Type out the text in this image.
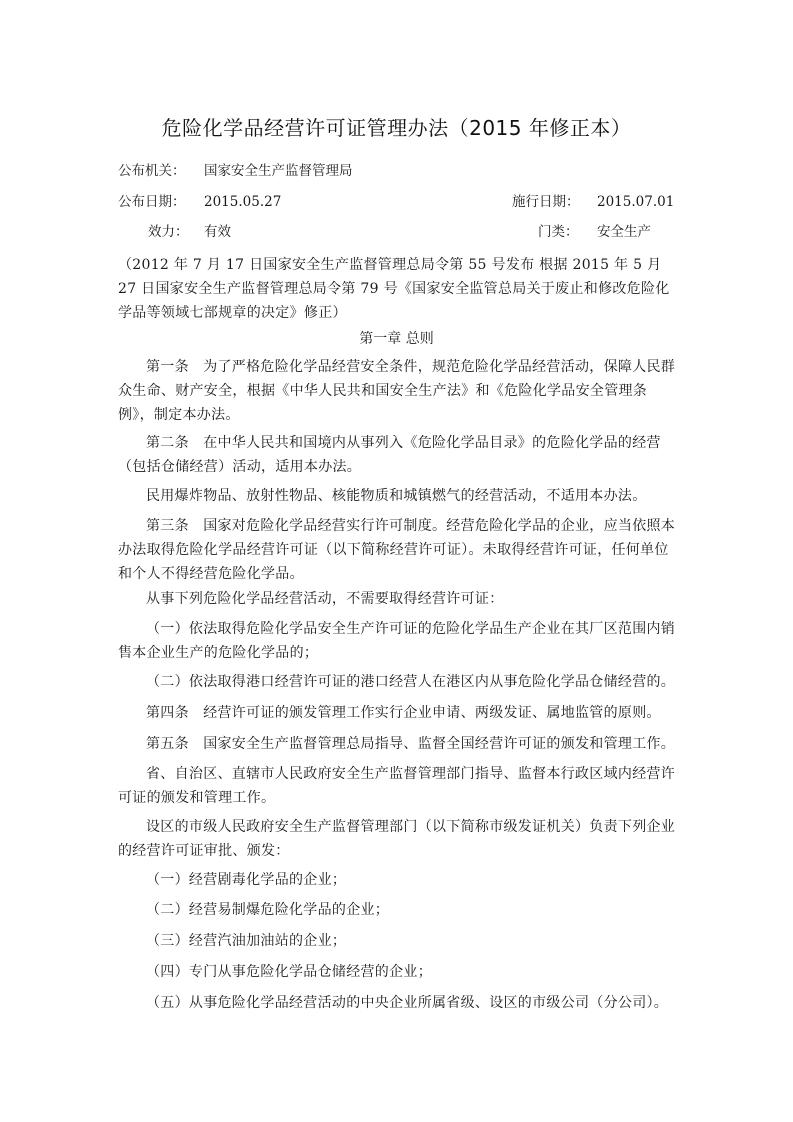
危险化学品经营许可证管理办法（2015 年修正本）
公布机关： 国家安全生产监督管理局
公布日期： 2015.05.27	施行日期： 2015.07.01
效力： 有效	门类： 安全生产

（2012 年 7 月 17 日国家安全生产监督管理总局令第 55 号发布 根据 2015 年 5 月 27 日国家安全生产监督管理总局令第 79 号《国家安全监管总局关于废止和修改危险化学品等领域七部规章的决定》修正）

第一章 总则

第一条　为了严格危险化学品经营安全条件，规范危险化学品经营活动，保障人民群众生命、财产安全，根据《中华人民共和国安全生产法》和《危险化学品安全管理条例》，制定本办法。

第二条　在中华人民共和国境内从事列入《危险化学品目录》的危险化学品的经营（包括仓储经营）活动，适用本办法。

民用爆炸物品、放射性物品、核能物质和城镇燃气的经营活动，不适用本办法。

第三条　国家对危险化学品经营实行许可制度。经营危险化学品的企业，应当依照本办法取得危险化学品经营许可证（以下简称经营许可证）。未取得经营许可证，任何单位和个人不得经营危险化学品。

从事下列危险化学品经营活动，不需要取得经营许可证：

（一）依法取得危险化学品安全生产许可证的危险化学品生产企业在其厂区范围内销售本企业生产的危险化学品的；

（二）依法取得港口经营许可证的港口经营人在港区内从事危险化学品仓储经营的。

第四条　经营许可证的颁发管理工作实行企业申请、两级发证、属地监管的原则。

第五条　国家安全生产监督管理总局指导、监督全国经营许可证的颁发和管理工作。

省、自治区、直辖市人民政府安全生产监督管理部门指导、监督本行政区域内经营许可证的颁发和管理工作。

设区的市级人民政府安全生产监督管理部门（以下简称市级发证机关）负责下列企业的经营许可证审批、颁发：

（一）经营剧毒化学品的企业；

（二）经营易制爆危险化学品的企业；

（三）经营汽油加油站的企业；

（四）专门从事危险化学品仓储经营的企业；

（五）从事危险化学品经营活动的中央企业所属省级、设区的市级公司（分公司）。
